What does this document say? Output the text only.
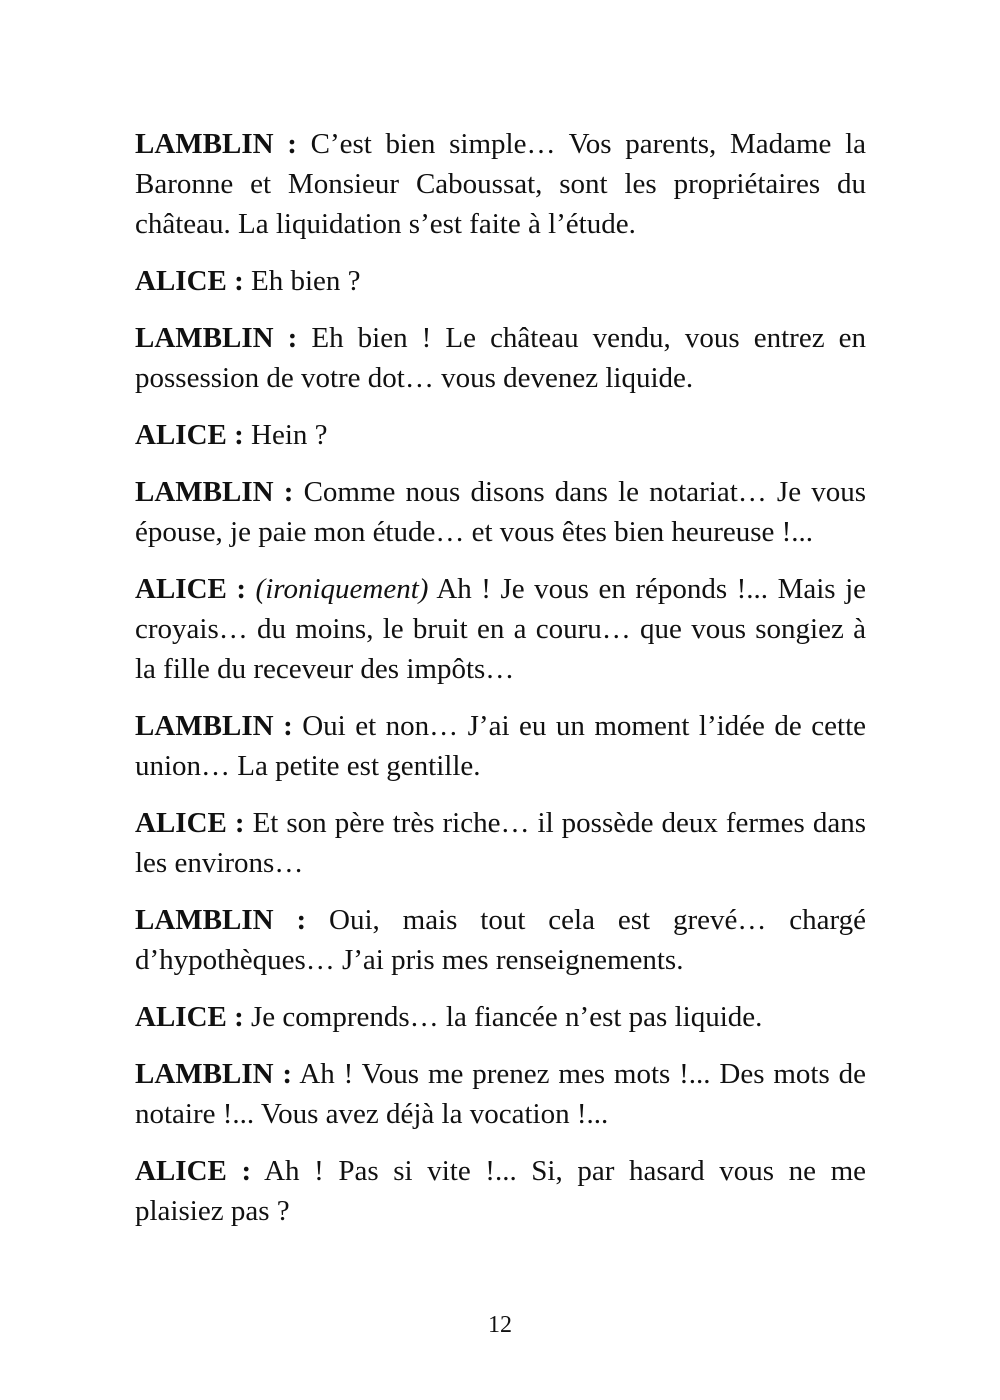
LAMBLIN : C’est bien simple… Vos parents, Madame la Baronne et Monsieur Caboussat, sont les propriétaires du château. La liquidation s’est faite à l’étude.

ALICE : Eh bien ?

LAMBLIN : Eh bien ! Le château vendu, vous entrez en possession de votre dot… vous devenez liquide.

ALICE : Hein ?

LAMBLIN : Comme nous disons dans le notariat… Je vous épouse, je paie mon étude… et vous êtes bien heureuse !...

ALICE : (ironiquement) Ah ! Je vous en réponds !... Mais je croyais… du moins, le bruit en a couru… que vous songiez à la fille du receveur des impôts…

LAMBLIN : Oui et non… J’ai eu un moment l’idée de cette union… La petite est gentille.

ALICE : Et son père très riche… il possède deux fermes dans les environs…

LAMBLIN : Oui, mais tout cela est grevé… chargé d’hypothèques… J’ai pris mes renseignements.

ALICE : Je comprends… la fiancée n’est pas liquide.

LAMBLIN : Ah ! Vous me prenez mes mots !... Des mots de notaire !... Vous avez déjà la vocation !...

ALICE : Ah ! Pas si vite !... Si, par hasard vous ne me plaisiez pas ?

12
